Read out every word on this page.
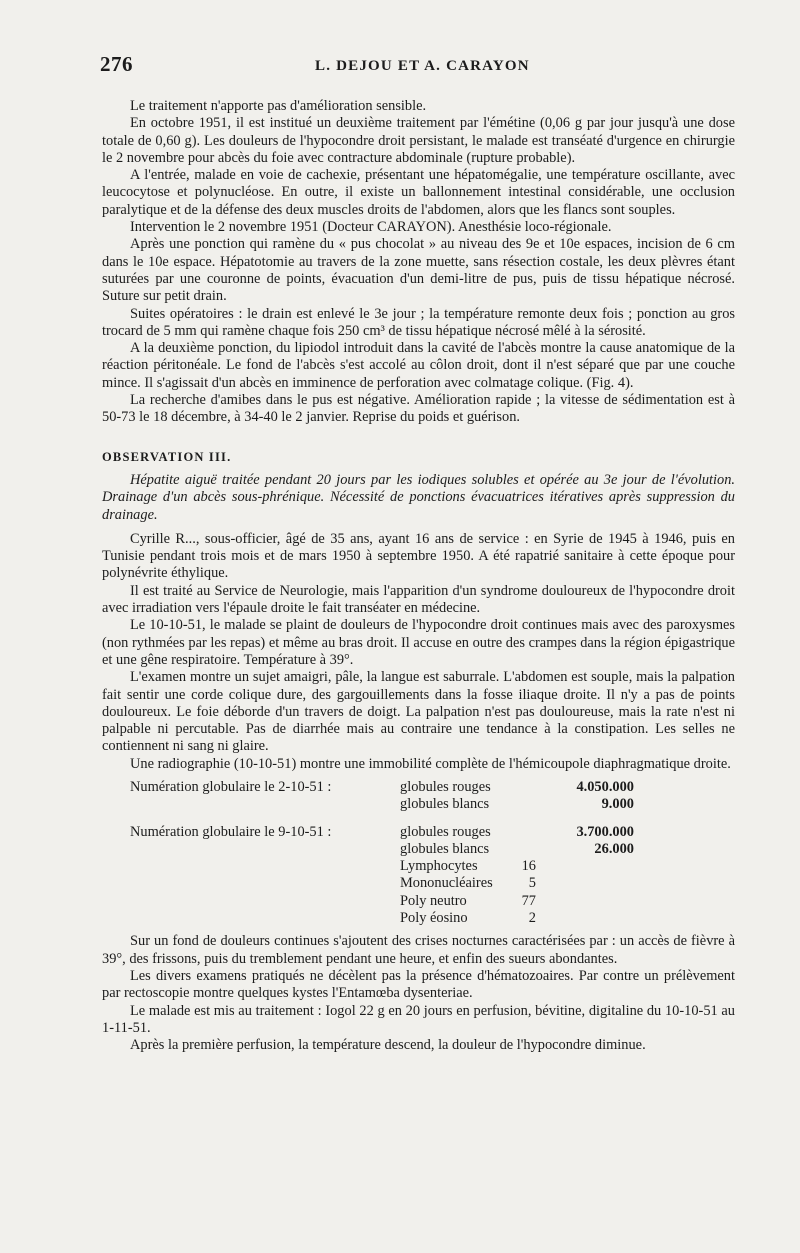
276	L. DEJOU ET A. CARAYON

Le traitement n'apporte pas d'amélioration sensible.

En octobre 1951, il est institué un deuxième traitement par l'émétine (0,06 g par jour jusqu'à une dose totale de 0,60 g). Les douleurs de l'hypocondre droit persistant, le malade est transéaté d'urgence en chirurgie le 2 novembre pour abcès du foie avec contracture abdominale (rupture probable).

A l'entrée, malade en voie de cachexie, présentant une hépatomégalie, une température oscillante, avec leucocytose et polynucléose. En outre, il existe un ballonnement intestinal considérable, une occlusion paralytique et de la défense des deux muscles droits de l'abdomen, alors que les flancs sont souples.

Intervention le 2 novembre 1951 (Docteur CARAYON). Anesthésie loco-régionale.

Après une ponction qui ramène du « pus chocolat » au niveau des 9e et 10e espaces, incision de 6 cm dans le 10e espace. Hépatotomie au travers de la zone muette, sans résection costale, les deux plèvres étant suturées par une couronne de points, évacuation d'un demi-litre de pus, puis de tissu hépatique nécrosé. Suture sur petit drain.

Suites opératoires : le drain est enlevé le 3e jour ; la température remonte deux fois ; ponction au gros trocard de 5 mm qui ramène chaque fois 250 cm³ de tissu hépatique nécrosé mêlé à la sérosité.

A la deuxième ponction, du lipiodol introduit dans la cavité de l'abcès montre la cause anatomique de la réaction péritonéale. Le fond de l'abcès s'est accolé au côlon droit, dont il n'est séparé que par une couche mince. Il s'agissait d'un abcès en imminence de perforation avec colmatage colique. (Fig. 4).

La recherche d'amibes dans le pus est négative. Amélioration rapide ; la vitesse de sédimentation est à 50-73 le 18 décembre, à 34-40 le 2 janvier. Reprise du poids et guérison.

OBSERVATION III.

Hépatite aiguë traitée pendant 20 jours par les iodiques solubles et opérée au 3e jour de l'évolution. Drainage d'un abcès sous-phrénique. Nécessité de ponctions évacuatrices itératives après suppression du drainage.

Cyrille R..., sous-officier, âgé de 35 ans, ayant 16 ans de service : en Syrie de 1945 à 1946, puis en Tunisie pendant trois mois et de mars 1950 à septembre 1950. A été rapatrié sanitaire à cette époque pour polynévrite éthylique.

Il est traité au Service de Neurologie, mais l'apparition d'un syndrome douloureux de l'hypocondre droit avec irradiation vers l'épaule droite le fait transéater en médecine.

Le 10-10-51, le malade se plaint de douleurs de l'hypocondre droit continues mais avec des paroxysmes (non rythmées par les repas) et même au bras droit. Il accuse en outre des crampes dans la région épigastrique et une gêne respiratoire. Température à 39°.

L'examen montre un sujet amaigri, pâle, la langue est saburrale. L'abdomen est souple, mais la palpation fait sentir une corde colique dure, des gargouillements dans la fosse iliaque droite. Il n'y a pas de points douloureux. Le foie déborde d'un travers de doigt. La palpation n'est pas douloureuse, mais la rate n'est ni palpable ni percutable. Pas de diarrhée mais au contraire une tendance à la constipation. Les selles ne contiennent ni sang ni glaire.

Une radiographie (10-10-51) montre une immobilité complète de l'hémicoupole diaphragmatique droite.

Numération globulaire le 2-10-51 :	globules rouges	4.050.000
globules blancs	9.000
Numération globulaire le 9-10-51 :	globules rouges	3.700.000
globules blancs	26.000
Lymphocytes	16
Mononucléaires	5
Poly neutro	77
Poly éosino	2

Sur un fond de douleurs continues s'ajoutent des crises nocturnes caractérisées par : un accès de fièvre à 39°, des frissons, puis du tremblement pendant une heure, et enfin des sueurs abondantes.

Les divers examens pratiqués ne décèlent pas la présence d'hématozoaires. Par contre un prélèvement par rectoscopie montre quelques kystes l'Entamœba dysenteriae.

Le malade est mis au traitement : Iogol 22 g en 20 jours en perfusion, bévitine, digitaline du 10-10-51 au 1-11-51.

Après la première perfusion, la température descend, la douleur de l'hypocondre diminue.
